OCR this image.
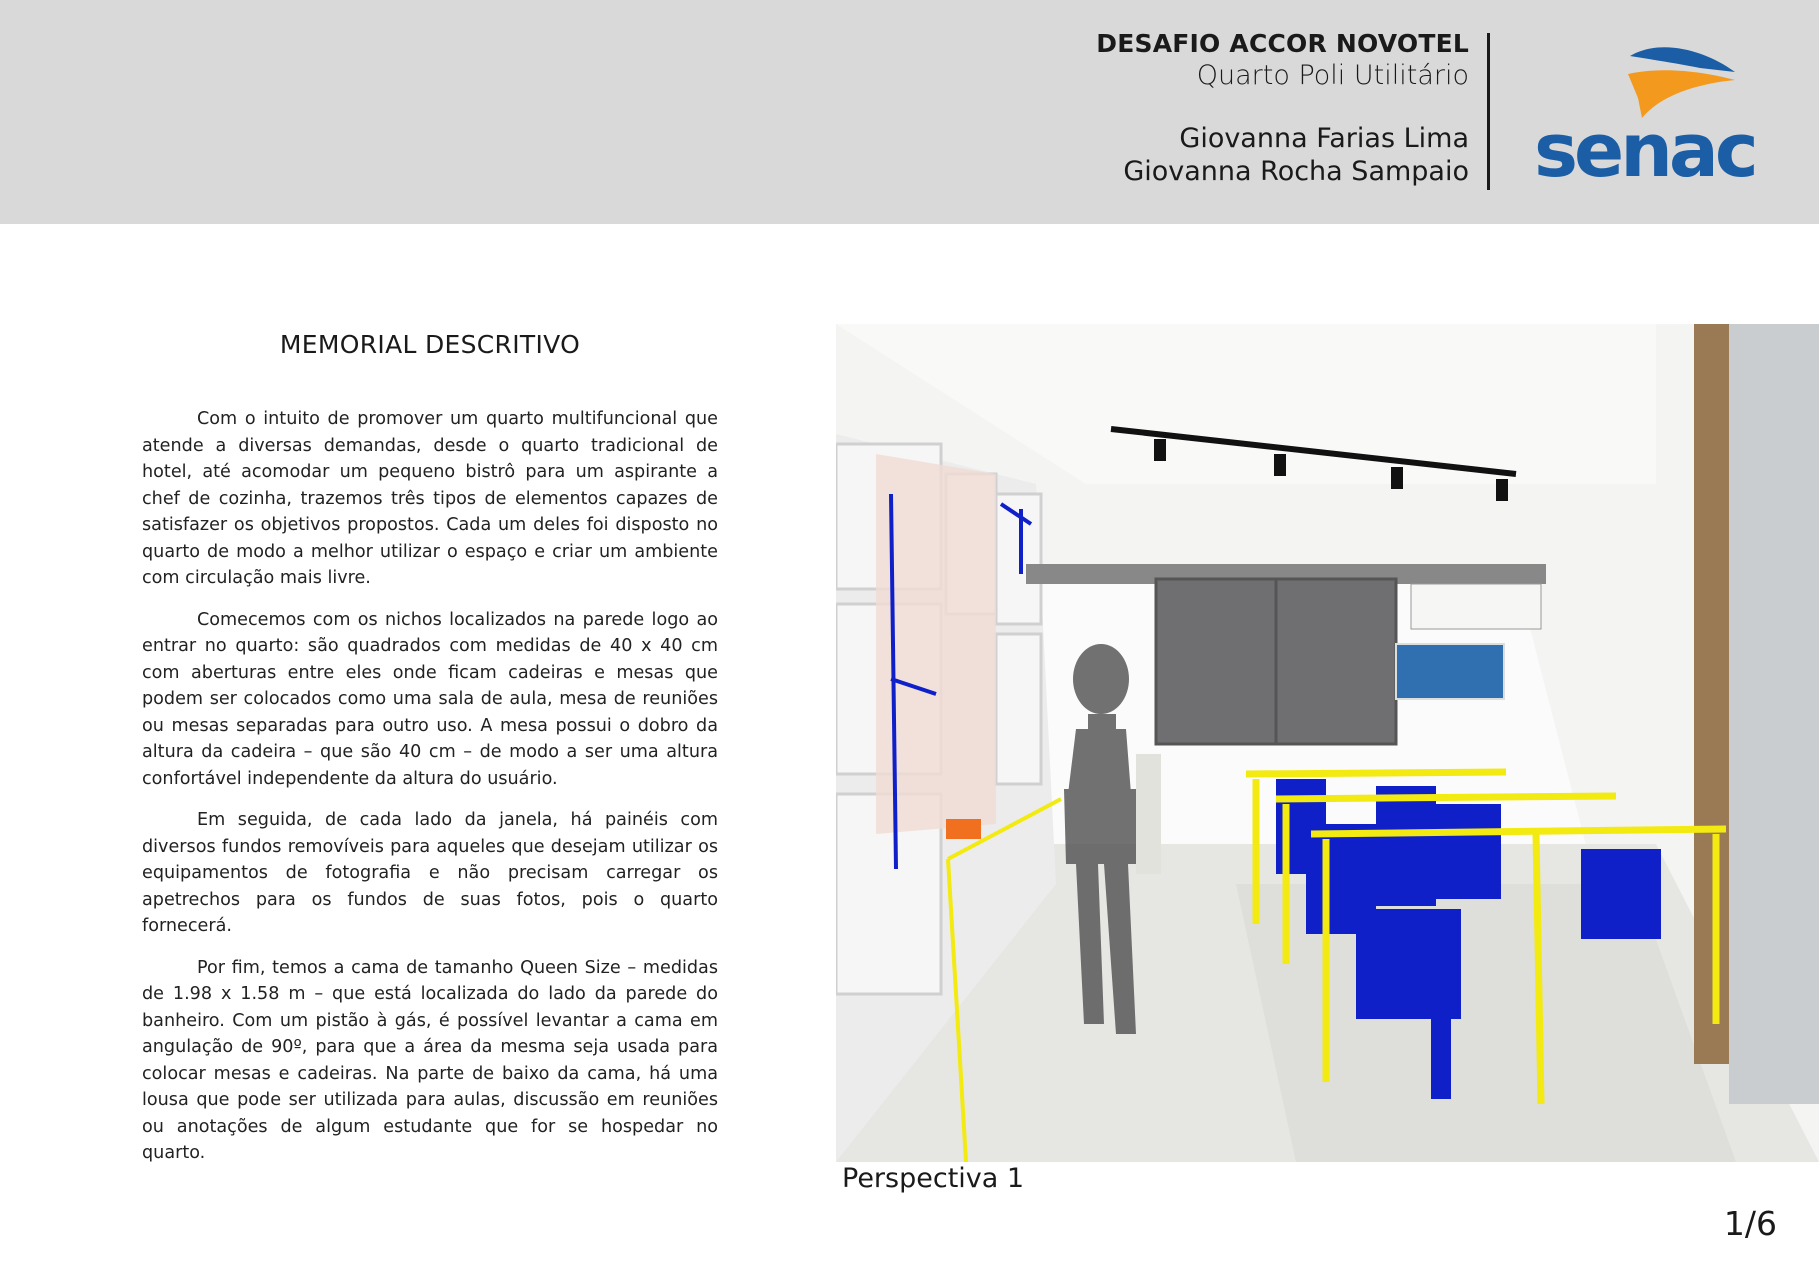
DESAFIO ACCOR NOVOTEL
Quarto Poli Utilitário
Giovanna Farias Lima
Giovanna Rocha Sampaio senac
MEMORIAL DESCRITIVO

Com o intuito de promover um quarto multifuncional que atende a diversas demandas, desde o quarto tradicional de hotel, até acomodar um pequeno bistrô para um aspirante a chef de cozinha, trazemos três tipos de elementos capazes de satisfazer os objetivos propostos. Cada um deles foi disposto no quarto de modo a melhor utilizar o espaço e criar um ambiente com circulação mais livre.

Comecemos com os nichos localizados na parede logo ao entrar no quarto: são quadrados com medidas de 40 x 40 cm com aberturas entre eles onde ficam cadeiras e mesas que podem ser colocados como uma sala de aula, mesa de reuniões ou mesas separadas para outro uso. A mesa possui o dobro da altura da cadeira – que são 40 cm – de modo a ser uma altura confortável independente da altura do usuário.

Em seguida, de cada lado da janela, há painéis com diversos fundos removíveis para aqueles que desejam utilizar os equipamentos de fotografia e não precisam carregar os apetrechos para os fundos de suas fotos, pois o quarto fornecerá.

Por fim, temos a cama de tamanho Queen Size – medidas de 1.98 x 1.58 m – que está localizada do lado da parede do banheiro. Com um pistão à gás, é possível levantar a cama em angulação de 90º, para que a área da mesma seja usada para colocar mesas e cadeiras. Na parte de baixo da cama, há uma lousa que pode ser utilizada para aulas, discussão em reuniões ou anotações de algum estudante que for se hospedar no quarto.

Perspectiva 1
1/6
